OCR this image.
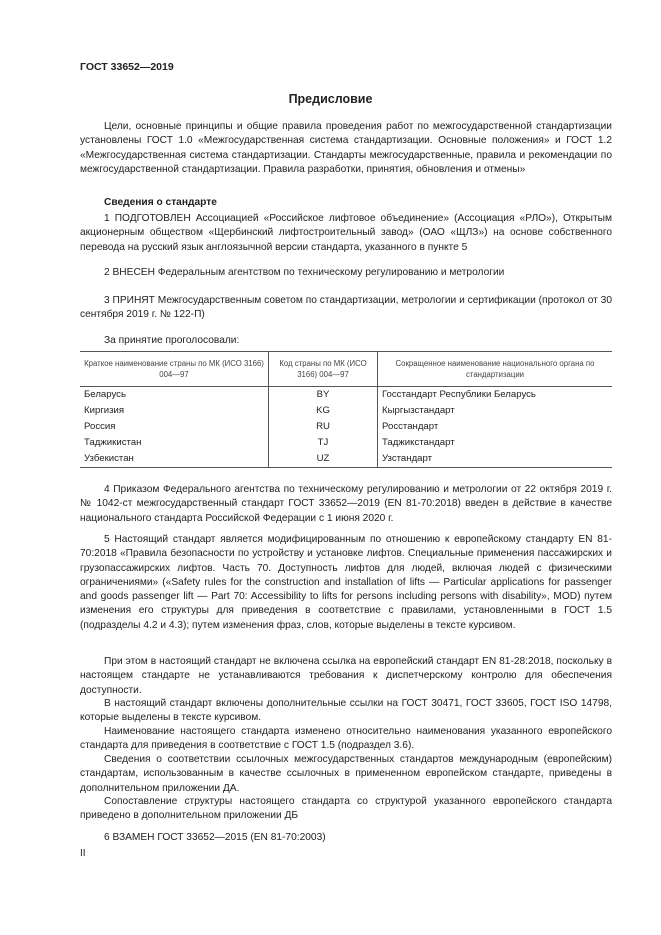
ГОСТ 33652—2019
Предисловие

Цели, основные принципы и общие правила проведения работ по межгосударственной стандартизации установлены ГОСТ 1.0 «Межгосударственная система стандартизации. Основные положения» и ГОСТ 1.2 «Межгосударственная система стандартизации. Стандарты межгосударственные, правила и рекомендации по межгосударственной стандартизации. Правила разработки, принятия, обновления и отмены»

Сведения о стандарте

1 ПОДГОТОВЛЕН Ассоциацией «Российское лифтовое объединение» (Ассоциация «РЛО»), Открытым акционерным обществом «Щербинский лифтостроительный завод» (ОАО «ЩЛЗ») на основе собственного перевода на русский язык англоязычной версии стандарта, указанного в пункте 5

2 ВНЕСЕН Федеральным агентством по техническому регулированию и метрологии

3 ПРИНЯТ Межгосударственным советом по стандартизации, метрологии и сертификации (протокол от 30 сентября 2019 г. № 122-П)

За принятие проголосовали:

Краткое наименование страны по МК (ИСО 3166) 004—97	Код страны по МК (ИСО 3166) 004—97	Сокращенное наименование национального органа по стандартизации
Беларусь	BY	Госстандарт Республики Беларусь
Киргизия	KG	Кыргызстандарт
Россия	RU	Росстандарт
Таджикистан	TJ	Таджикстандарт
Узбекистан	UZ	Узстандарт

4 Приказом Федерального агентства по техническому регулированию и метрологии от 22 октября 2019 г. № 1042-ст межгосударственный стандарт ГОСТ 33652—2019 (EN 81-70:2018) введен в действие в качестве национального стандарта Российской Федерации с 1 июня 2020 г.

5 Настоящий стандарт является модифицированным по отношению к европейскому стандарту EN 81-70:2018 «Правила безопасности по устройству и установке лифтов. Специальные применения пассажирских и грузопассажирских лифтов. Часть 70. Доступность лифтов для людей, включая людей с физическими ограничениями» («Safety rules for the construction and installation of lifts — Particular applications for passenger and goods passenger lift — Part 70: Accessibility to lifts for persons including persons with disability», MOD) путем изменения его структуры для приведения в соответствие с правилами, установленными в ГОСТ 1.5 (подразделы 4.2 и 4.3); путем изменения фраз, слов, которые выделены в тексте курсивом.

При этом в настоящий стандарт не включена ссылка на европейский стандарт EN 81-28:2018, поскольку в настоящем стандарте не устанавливаются требования к диспетчерскому контролю для обеспечения доступности.

В настоящий стандарт включены дополнительные ссылки на ГОСТ 30471, ГОСТ 33605, ГОСТ ISO 14798, которые выделены в тексте курсивом.

Наименование настоящего стандарта изменено относительно наименования указанного европейского стандарта для приведения в соответствие с ГОСТ 1.5 (подраздел 3.6).

Сведения о соответствии ссылочных межгосударственных стандартов международным (европейским) стандартам, использованным в качестве ссылочных в примененном европейском стандарте, приведены в дополнительном приложении ДА.

Сопоставление структуры настоящего стандарта со структурой указанного европейского стандарта приведено в дополнительном приложении ДБ

6 ВЗАМЕН ГОСТ 33652—2015 (EN 81-70:2003)

II
